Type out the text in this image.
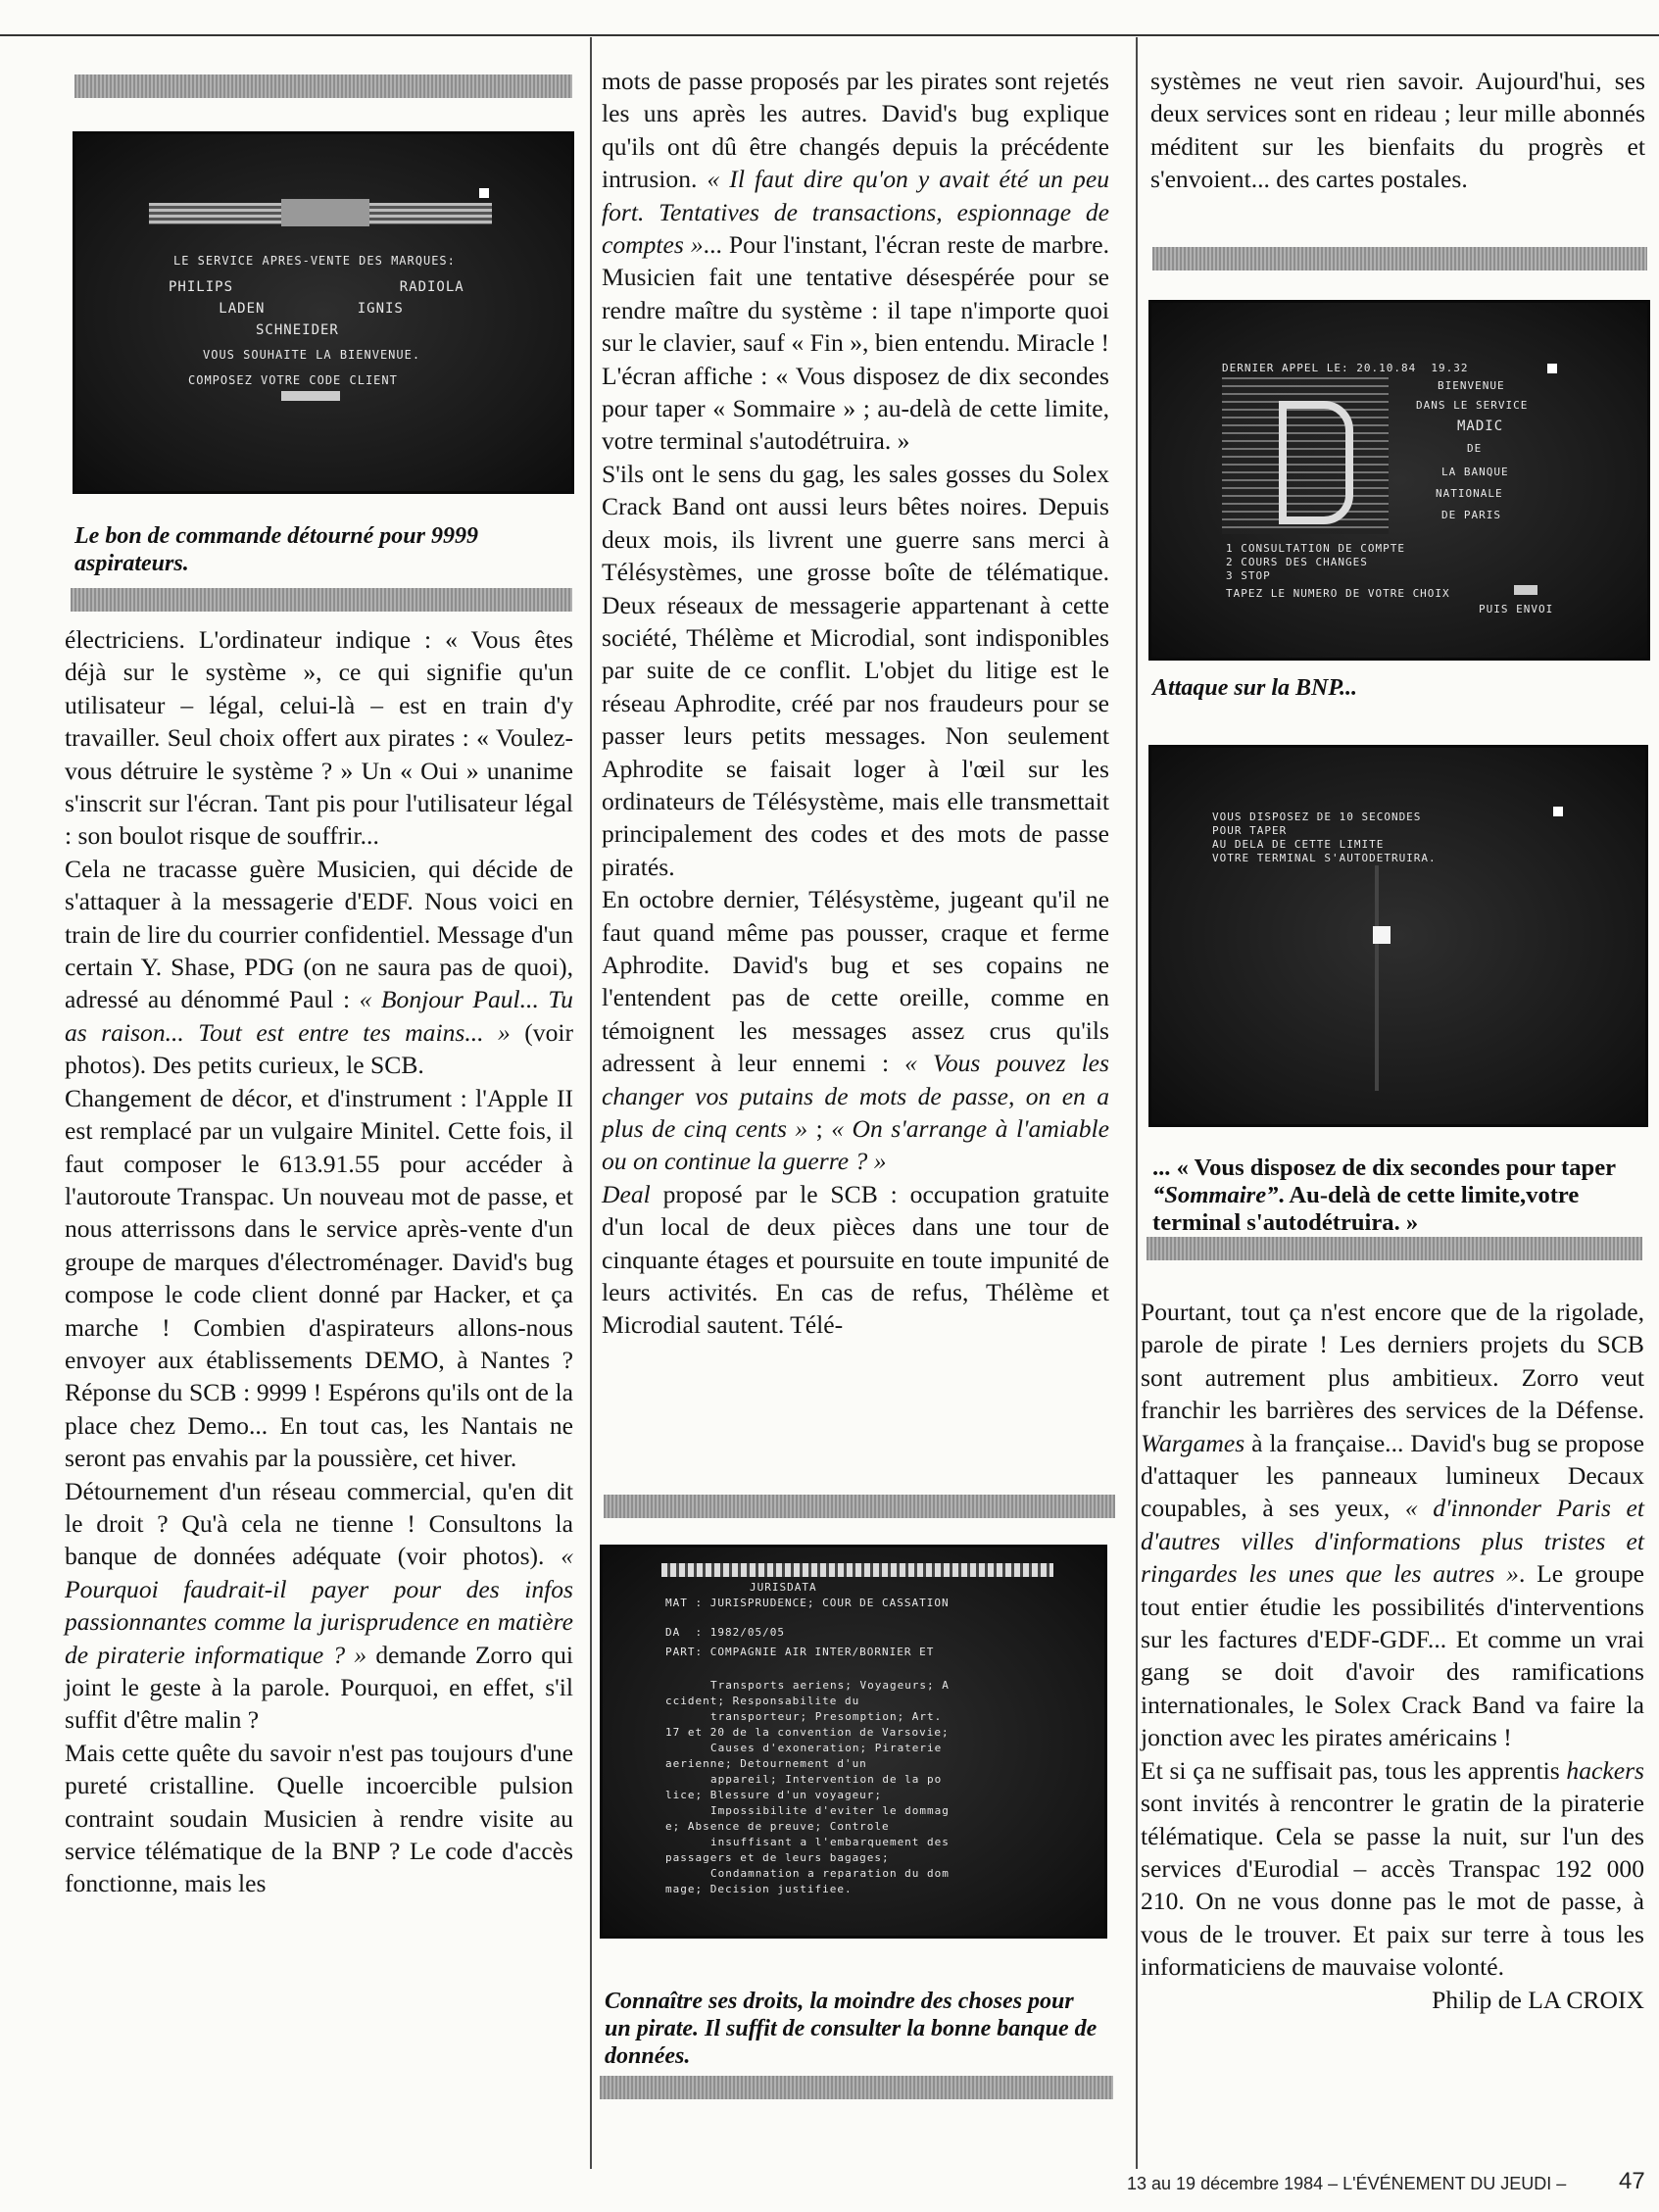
LE SERVICE APRES-VENTE DES MARQUES:
PHILIPS                  RADIOLA
LADEN          IGNIS
SCHNEIDER
VOUS SOUHAITE LA BIENVENUE.
COMPOSEZ VOTRE CODE CLIENT
Le bon de commande détourné pour 9999 aspirateurs.

électriciens. L'ordinateur indique : « Vous êtes déjà sur le système », ce qui signifie qu'un utilisateur – légal, celui-là – est en train d'y travailler. Seul choix offert aux pirates : « Voulez-vous détruire le système ? » Un « Oui » unanime s'inscrit sur l'écran. Tant pis pour l'utilisateur légal : son boulot risque de souffrir...

Cela ne tracasse guère Musicien, qui décide de s'attaquer à la messagerie d'EDF. Nous voici en train de lire du courrier confidentiel. Message d'un certain Y. Shase, PDG (on ne saura pas de quoi), adressé au dénommé Paul : « Bonjour Paul... Tu as raison... Tout est entre tes mains... » (voir photos). Des petits curieux, le SCB.

Changement de décor, et d'instrument : l'Apple II est remplacé par un vulgaire Minitel. Cette fois, il faut composer le 613.91.55 pour accéder à l'autoroute Transpac. Un nouveau mot de passe, et nous atterrissons dans le service après-vente d'un groupe de marques d'électroménager. David's bug compose le code client donné par Hacker, et ça marche ! Combien d'aspirateurs allons-nous envoyer aux établissements DEMO, à Nantes ? Réponse du SCB : 9999 ! Espérons qu'ils ont de la place chez Demo... En tout cas, les Nantais ne seront pas envahis par la poussière, cet hiver.

Détournement d'un réseau commercial, qu'en dit le droit ? Qu'à cela ne tienne ! Consultons la banque de données adéquate (voir photos). « Pourquoi faudrait-il payer pour des infos passionnantes comme la jurisprudence en matière de piraterie informatique ? » demande Zorro qui joint le geste à la parole. Pourquoi, en effet, s'il suffit d'être malin ?

Mais cette quête du savoir n'est pas toujours d'une pureté cristalline. Quelle incoercible pulsion contraint soudain Musicien à rendre visite au service télématique de la BNP ? Le code d'accès fonctionne, mais les

mots de passe proposés par les pirates sont rejetés les uns après les autres. David's bug explique qu'ils ont dû être changés depuis la précédente intrusion. « Il faut dire qu'on y avait été un peu fort. Tentatives de transactions, espionnage de comptes »... Pour l'instant, l'écran reste de marbre. Musicien fait une tentative désespérée pour se rendre maître du système : il tape n'importe quoi sur le clavier, sauf « Fin », bien entendu. Miracle ! L'écran affiche : « Vous disposez de dix secondes pour taper « Sommaire » ; au-delà de cette limite, votre terminal s'autodétruira. »

S'ils ont le sens du gag, les sales gosses du Solex Crack Band ont aussi leurs bêtes noires. Depuis deux mois, ils livrent une guerre sans merci à Télésystèmes, une grosse boîte de télématique. Deux réseaux de messagerie appartenant à cette société, Thélème et Microdial, sont indisponibles par suite de ce conflit. L'objet du litige est le réseau Aphrodite, créé par nos fraudeurs pour se passer leurs petits messages. Non seulement Aphrodite se faisait loger à l'œil sur les ordinateurs de Télésystème, mais elle transmettait principalement des codes et des mots de passe piratés.

En octobre dernier, Télésystème, jugeant qu'il ne faut quand même pas pousser, craque et ferme Aphrodite. David's bug et ses copains ne l'entendent pas de cette oreille, comme en témoignent les messages assez crus qu'ils adressent à leur ennemi : « Vous pouvez les changer vos putains de mots de passe, on en a plus de cinq cents » ; « On s'arrange à l'amiable ou on continue la guerre ? »

Deal proposé par le SCB : occupation gratuite d'un local de deux pièces dans une tour de cinquante étages et poursuite en toute impunité de leurs activités. En cas de refus, Thélème et Microdial sautent. Télé-

JURISDATA
MAT : JURISPRUDENCE; COUR DE CASSATION
DA  : 1982/05/05
PART: COMPAGNIE AIR INTER/BORNIER ET
Transports aeriens; Voyageurs; A
ccident; Responsabilite du
transporteur; Presomption; Art.
17 et 20 de la convention de Varsovie;
Causes d'exoneration; Piraterie
aerienne; Detournement d'un
appareil; Intervention de la po
lice; Blessure d'un voyageur;
Impossibilite d'eviter le dommag
e; Absence de preuve; Controle
insuffisant a l'embarquement des
passagers et de leurs bagages;
Condamnation a reparation du dom
mage; Decision justifiee.
Connaître ses droits, la moindre des choses pour un pirate. Il suffit de consulter la bonne banque de données.

systèmes ne veut rien savoir. Aujourd'hui, ses deux services sont en rideau ; leur mille abonnés méditent sur les bienfaits du progrès et s'envoient... des cartes postales.

DERNIER APPEL LE: 20.10.84  19.32
BIENVENUE
DANS LE SERVICE
MADIC
DE
LA BANQUE
NATIONALE
DE PARIS
1 CONSULTATION DE COMPTE
2 COURS DES CHANGES
3 STOP
TAPEZ LE NUMERO DE VOTRE CHOIX
PUIS ENVOI
Attaque sur la BNP...
VOUS DISPOSEZ DE 10 SECONDES
POUR TAPER
AU DELA DE CETTE LIMITE
VOTRE TERMINAL S'AUTODETRUIRA.
... « Vous disposez de dix secondes pour taper “Sommaire”. Au-delà de cette limite,votre terminal s'autodétruira. »

Pourtant, tout ça n'est encore que de la rigolade, parole de pirate ! Les derniers projets du SCB sont autrement plus ambitieux. Zorro veut franchir les barrières des services de la Défense. Wargames à la française... David's bug se propose d'attaquer les panneaux lumineux Decaux coupables, à ses yeux, « d'innonder Paris et d'autres villes d'informations plus tristes et ringardes les unes que les autres ». Le groupe tout entier étudie les possibilités d'interventions sur les factures d'EDF-GDF... Et comme un vrai gang se doit d'avoir des ramifications internationales, le Solex Crack Band va faire la jonction avec les pirates américains !

Et si ça ne suffisait pas, tous les apprentis hackers sont invités à rencontrer le gratin de la piraterie télématique. Cela se passe la nuit, sur l'un des services d'Eurodial – accès Transpac 192 000 210. On ne vous donne pas le mot de passe, à vous de le trouver. Et paix sur terre à tous les informaticiens de mauvaise volonté.

Philip de LA CROIX

13 au 19 décembre 1984 – L'ÉVÉNEMENT DU JEUDI – 47
